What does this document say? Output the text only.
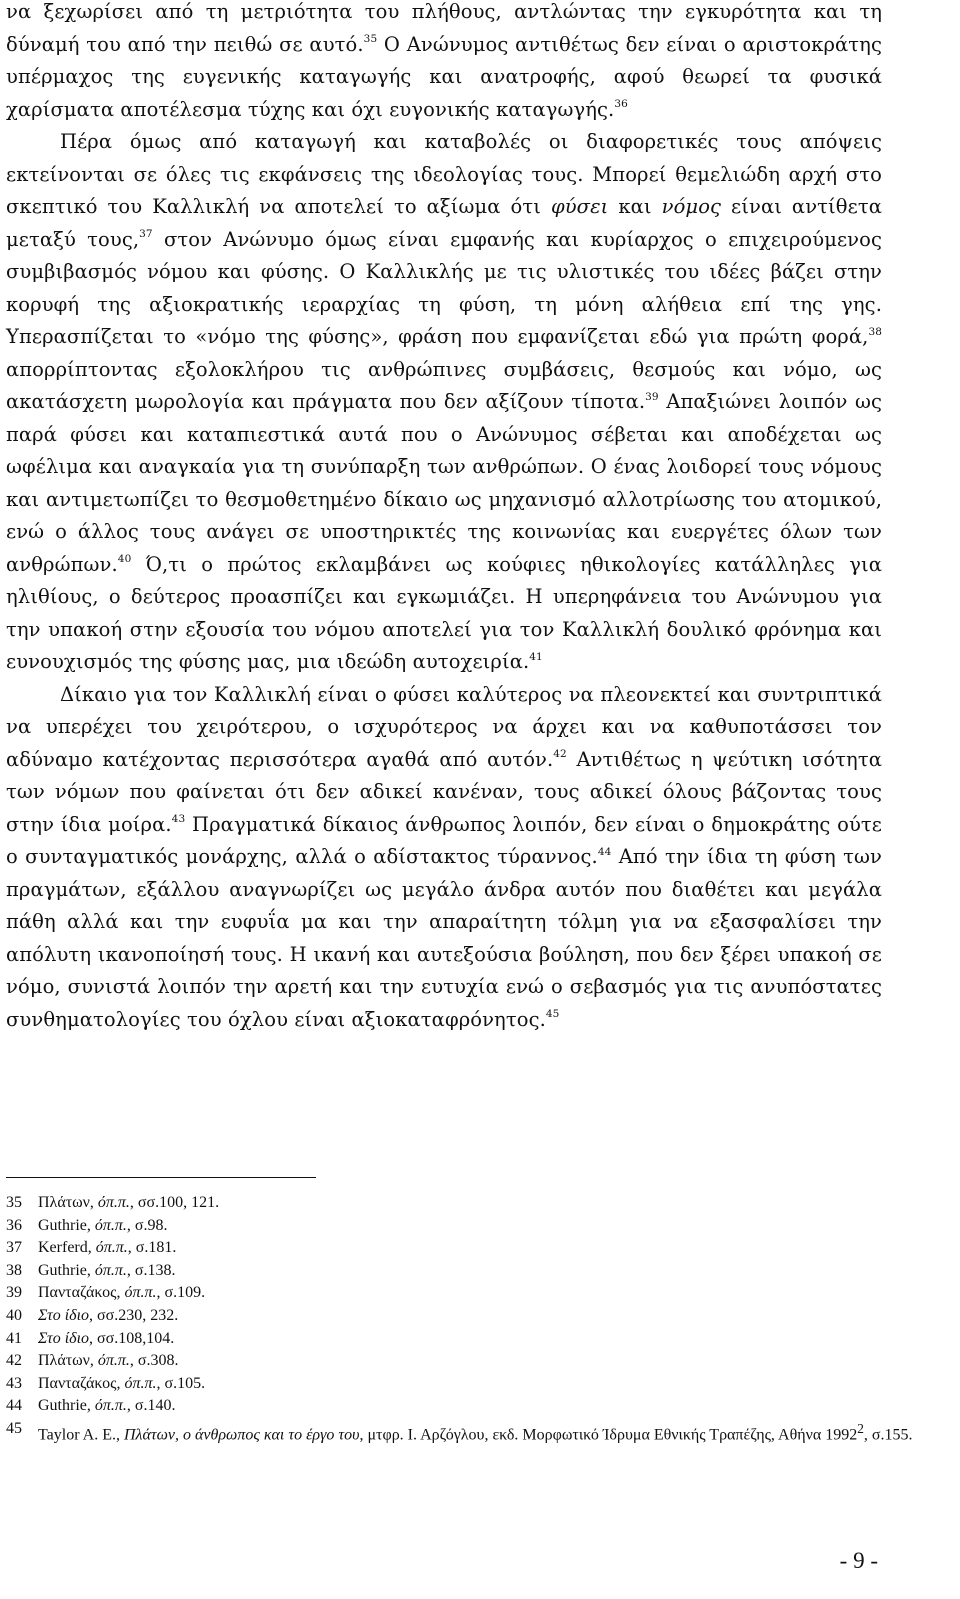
να ξεχωρίσει από τη μετριότητα του πλήθους, αντλώντας την εγκυρότητα και τη δύναμή του από την πειθώ σε αυτό.$^{35}$ Ο Ανώνυμος αντιθέτως δεν είναι ο αριστοκράτης υπέρμαχος της ευγενικής καταγωγής και ανατροφής, αφού θεωρεί τα φυσικά χαρίσματα αποτέλεσμα τύχης και όχι ευγονικής καταγωγής.$^{36}$

Πέρα όμως από καταγωγή και καταβολές οι διαφορετικές τους απόψεις εκτείνονται σε όλες τις εκφάνσεις της ιδεολογίας τους. Μπορεί θεμελιώδη αρχή στο σκεπτικό του Καλλικλή να αποτελεί το αξίωμα ότι φύσει και νόμος είναι αντίθετα μεταξύ τους,$^{37}$ στον Ανώνυμο όμως είναι εμφανής και κυρίαρχος ο επιχειρούμενος συμβιβασμός νόμου και φύσης. Ο Καλλικλής με τις υλιστικές του ιδέες βάζει στην κορυφή της αξιοκρατικής ιεραρχίας τη φύση, τη μόνη αλήθεια επί της γης. Υπερασπίζεται το «νόμο της φύσης», φράση που εμφανίζεται εδώ για πρώτη φορά,$^{38}$ απορρίπτοντας εξολοκλήρου τις ανθρώπινες συμβάσεις, θεσμούς και νόμο, ως ακατάσχετη μωρολογία και πράγματα που δεν αξίζουν τίποτα.$^{39}$ Απαξιώνει λοιπόν ως παρά φύσει και καταπιεστικά αυτά που ο Ανώνυμος σέβεται και αποδέχεται ως ωφέλιμα και αναγκαία για τη συνύπαρξη των ανθρώπων. Ο ένας λοιδορεί τους νόμους και αντιμετωπίζει το θεσμοθετημένο δίκαιο ως μηχανισμό αλλοτρίωσης του ατομικού, ενώ ο άλλος τους ανάγει σε υποστηρικτές της κοινωνίας και ευεργέτες όλων των ανθρώπων.$^{40}$ Ό,τι ο πρώτος εκλαμβάνει ως κούφιες ηθικολογίες κατάλληλες για ηλιθίους, ο δεύτερος προασπίζει και εγκωμιάζει. Η υπερηφάνεια του Ανώνυμου για την υπακοή στην εξουσία του νόμου αποτελεί για τον Καλλικλή δουλικό φρόνημα και ευνουχισμός της φύσης μας, μια ιδεώδη αυτοχειρία.$^{41}$

Δίκαιο για τον Καλλικλή είναι ο φύσει καλύτερος να πλεονεκτεί και συντριπτικά να υπερέχει του χειρότερου, ο ισχυρότερος να άρχει και να καθυποτάσσει τον αδύναμο κατέχοντας περισσότερα αγαθά από αυτόν.$^{42}$ Αντιθέτως η ψεύτικη ισότητα των νόμων που φαίνεται ότι δεν αδικεί κανέναν, τους αδικεί όλους βάζοντας τους στην ίδια μοίρα.$^{43}$ Πραγματικά δίκαιος άνθρωπος λοιπόν, δεν είναι ο δημοκράτης ούτε ο συνταγματικός μονάρχης, αλλά ο αδίστακτος τύραννος.$^{44}$ Από την ίδια τη φύση των πραγμάτων, εξάλλου αναγνωρίζει ως μεγάλο άνδρα αυτόν που διαθέτει και μεγάλα πάθη αλλά και την ευφυΐα μα και την απαραίτητη τόλμη για να εξασφαλίσει την απόλυτη ικανοποίησή τους. Η ικανή και αυτεξούσια βούληση, που δεν ξέρει υπακοή σε νόμο, συνιστά λοιπόν την αρετή και την ευτυχία ενώ ο σεβασμός για τις ανυπόστατες συνθηματολογίες του όχλου είναι αξιοκαταφρόνητος.$^{45}$

35	Πλάτων, όπ.π., σσ.100, 121.
36	Guthrie, όπ.π., σ.98.
37	Kerferd, όπ.π., σ.181.
38	Guthrie, όπ.π., σ.138.
39	Πανταζάκος, όπ.π., σ.109.
40	Στο ίδιο, σσ.230, 232.
41	Στο ίδιο, σσ.108,104.
42	Πλάτων, όπ.π., σ.308.
43	Πανταζάκος, όπ.π., σ.105.
44	Guthrie, όπ.π., σ.140.
45	Taylor A. E., Πλάτων, ο άνθρωπος και το έργο του, μτφρ. Ι. Αρζόγλου, εκδ. Μορφωτικό Ίδρυμα Εθνικής Τραπέζης, Αθήνα 1992$^2$, σ.155.
- 9 -
